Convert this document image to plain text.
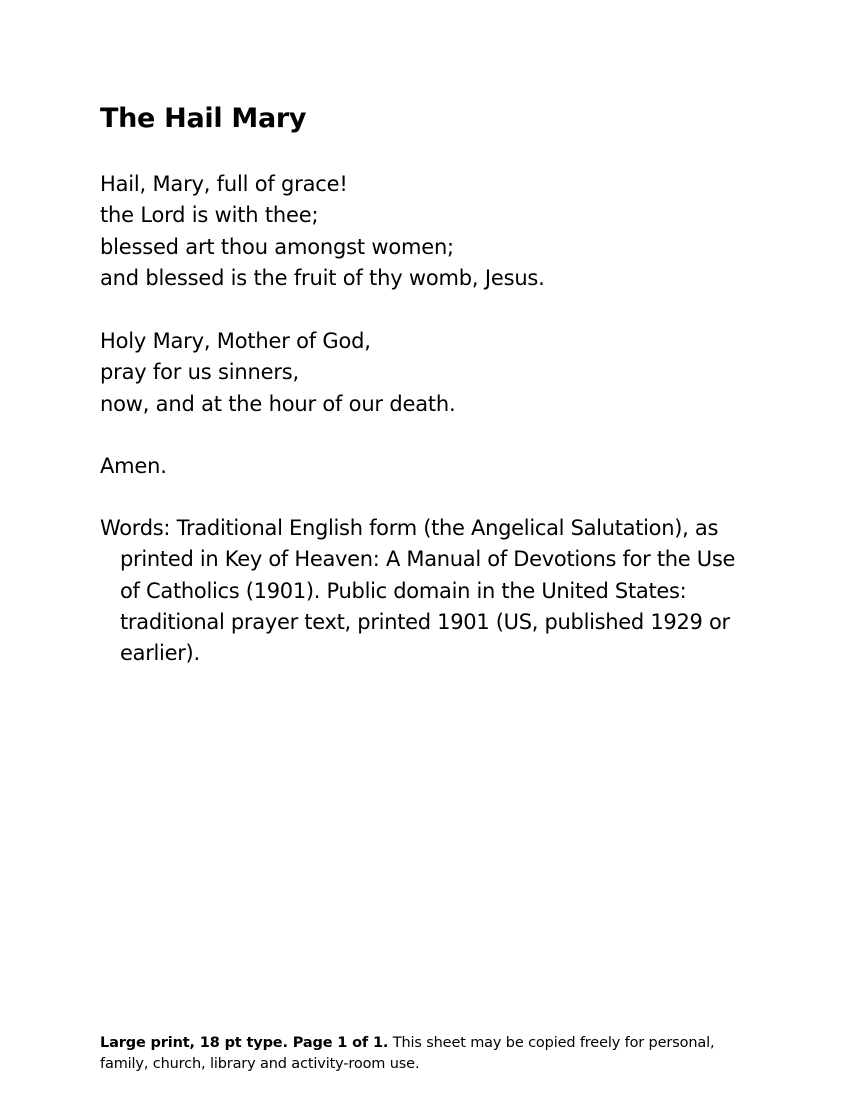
The Hail Mary

Hail, Mary, full of grace!
the Lord is with thee;
blessed art thou amongst women;
and blessed is the fruit of thy womb, Jesus.

Holy Mary, Mother of God,
pray for us sinners,
now, and at the hour of our death.

Amen.

Words: Traditional English form (the Angelical Salutation), as printed in Key of Heaven: A Manual of Devotions for the Use of Catholics (1901). Public domain in the United States: traditional prayer text, printed 1901 (US, published 1929 or earlier).

Large print, 18 pt type. Page 1 of 1. This sheet may be copied freely for personal, family, church, library and activity-room use.
